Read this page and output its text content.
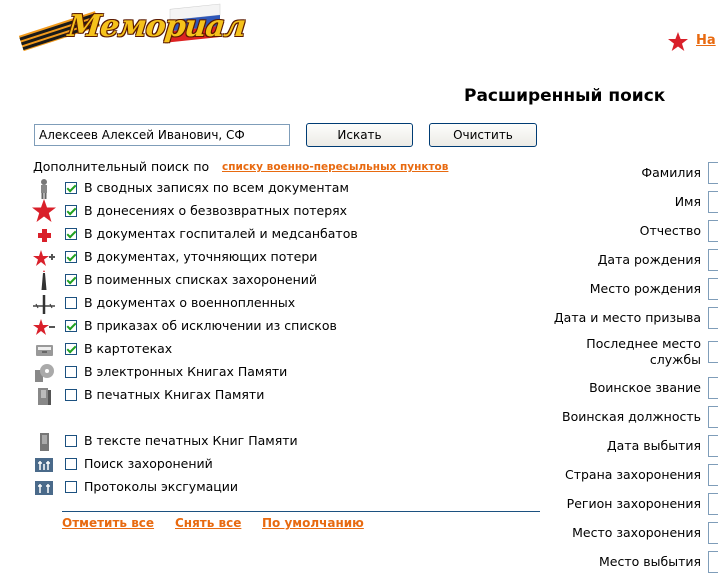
Мемориал	На
Расширенный поиск
Алексеев Алексей Иванович, СФ
Искать	Очистить
Дополнительный поиск по списку военно-пересыльных пунктов
В сводных записях по всем документам
В донесениях о безвозвратных потерях
В документах госпиталей и медсанбатов
В документах, уточняющих потери
В поименных списках захоронений
В документах о военнопленных
В приказах об исключении из списков
В картотеках
В электронных Книгах Памяти
В печатных Книгах Памяти
В тексте печатных Книг Памяти
Поиск захоронений
Протоколы эксгумации
Отметить все Снять все По умолчанию
Фамилия
Имя
Отчество
Дата рождения
Место рождения
Дата и место призыва
Последнее место
службы
Воинское звание
Воинская должность
Дата выбытия
Страна захоронения
Регион захоронения
Место захоронения
Место выбытия
